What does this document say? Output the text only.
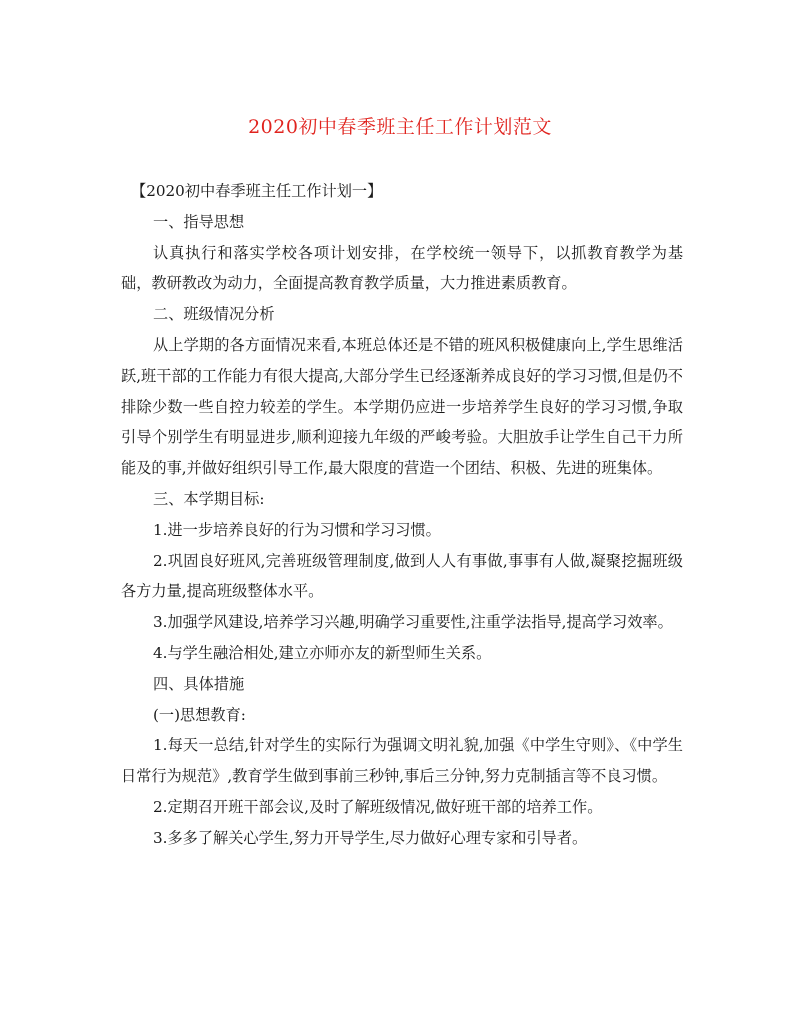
2020初中春季班主任工作计划范文

【2020初中春季班主任工作计划一】

一、指导思想

认真执行和落实学校各项计划安排，在学校统一领导下，以抓教育教学为基础，教研教改为动力，全面提高教育教学质量，大力推进素质教育。

二、班级情况分析

从上学期的各方面情况来看,本班总体还是不错的班风积极健康向上,学生思维活跃,班干部的工作能力有很大提高,大部分学生已经逐渐养成良好的学习习惯,但是仍不排除少数一些自控力较差的学生。本学期仍应进一步培养学生良好的学习习惯,争取引导个别学生有明显进步,顺利迎接九年级的严峻考验。大胆放手让学生自己干力所能及的事,并做好组织引导工作,最大限度的营造一个团结、积极、先进的班集体。

三、本学期目标:

1.进一步培养良好的行为习惯和学习习惯。

2.巩固良好班风,完善班级管理制度,做到人人有事做,事事有人做,凝聚挖掘班级各方力量,提高班级整体水平。

3.加强学风建设,培养学习兴趣,明确学习重要性,注重学法指导,提高学习效率。

4.与学生融洽相处,建立亦师亦友的新型师生关系。

四、具体措施

(一)思想教育:

1.每天一总结,针对学生的实际行为强调文明礼貌,加强《中学生守则》、《中学生日常行为规范》,教育学生做到事前三秒钟,事后三分钟,努力克制插言等不良习惯。

2.定期召开班干部会议,及时了解班级情况,做好班干部的培养工作。

3.多多了解关心学生,努力开导学生,尽力做好心理专家和引导者。
